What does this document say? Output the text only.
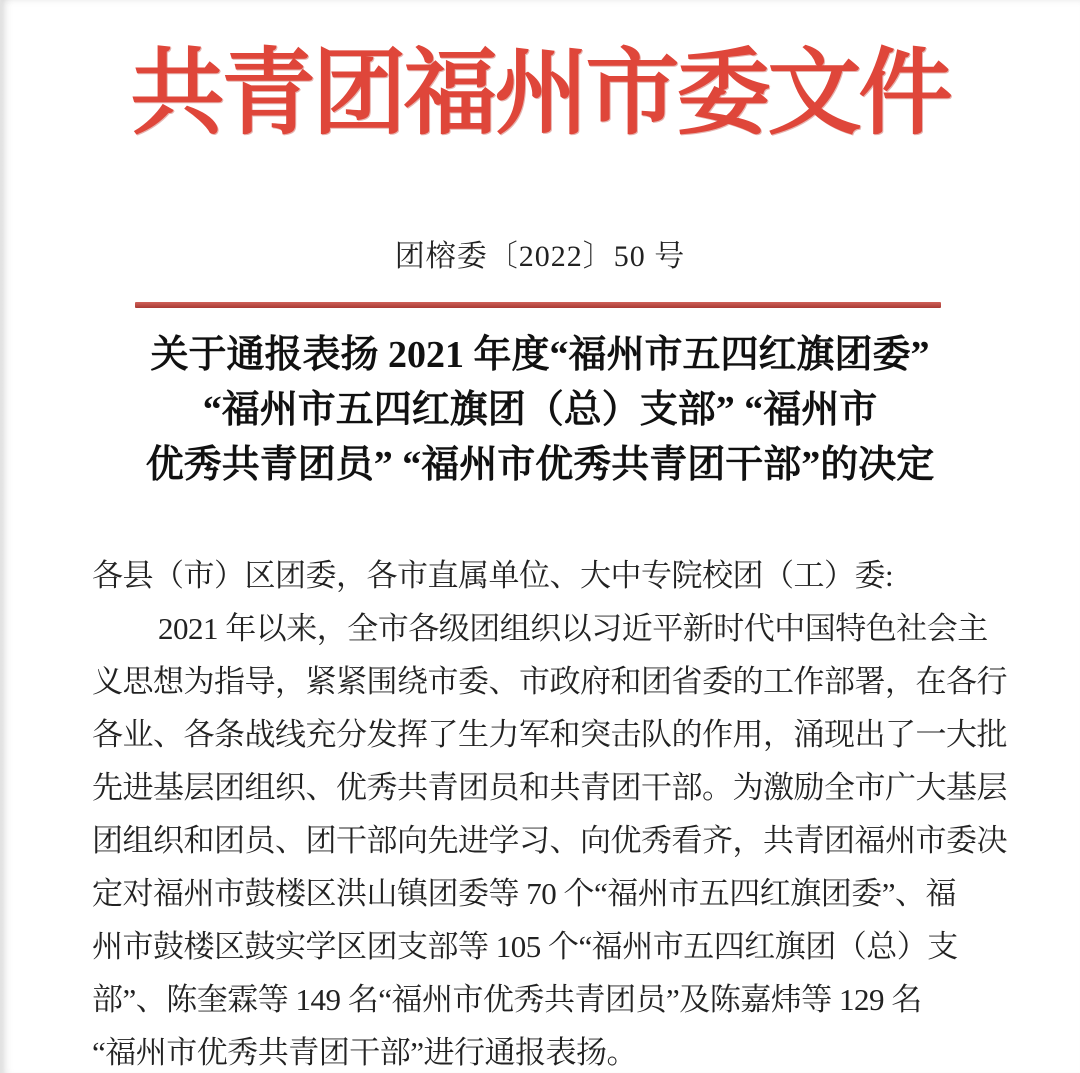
共青团福州市委文件
团榕委〔2022〕50 号
关于通报表扬 2021 年度“福州市五四红旗团委”
“福州市五四红旗团（总）支部” “福州市
优秀共青团员” “福州市优秀共青团干部”的决定
各县（市）区团委，各市直属单位、大中专院校团（工）委:
2021 年以来，全市各级团组织以习近平新时代中国特色社会主
义思想为指导，紧紧围绕市委、市政府和团省委的工作部署，在各行
各业、各条战线充分发挥了生力军和突击队的作用，涌现出了一大批
先进基层团组织、优秀共青团员和共青团干部。为激励全市广大基层
团组织和团员、团干部向先进学习、向优秀看齐，共青团福州市委决
定对福州市鼓楼区洪山镇团委等 70 个“福州市五四红旗团委”、福
州市鼓楼区鼓实学区团支部等 105 个“福州市五四红旗团（总）支
部”、陈奎霖等 149 名“福州市优秀共青团员”及陈嘉炜等 129 名
“福州市优秀共青团干部”进行通报表扬。
